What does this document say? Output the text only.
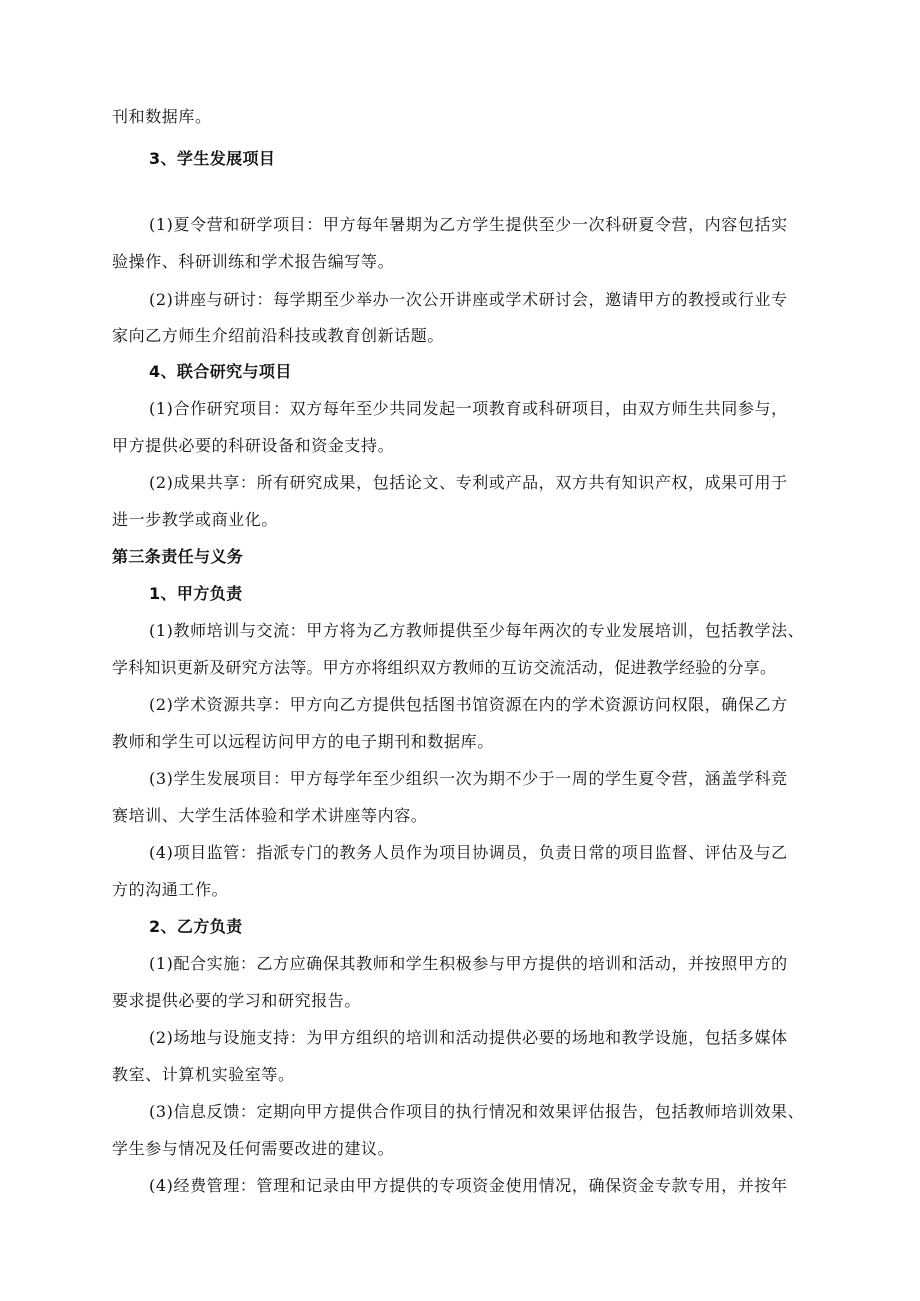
刊和数据库。
3、学生发展项目
(1)夏令营和研学项目：甲方每年暑期为乙方学生提供至少一次科研夏令营，内容包括实
验操作、科研训练和学术报告编写等。
(2)讲座与研讨：每学期至少举办一次公开讲座或学术研讨会，邀请甲方的教授或行业专
家向乙方师生介绍前沿科技或教育创新话题。
4、联合研究与项目
(1)合作研究项目：双方每年至少共同发起一项教育或科研项目，由双方师生共同参与，
甲方提供必要的科研设备和资金支持。
(2)成果共享：所有研究成果，包括论文、专利或产品，双方共有知识产权，成果可用于
进一步教学或商业化。
第三条责任与义务
1、甲方负责
(1)教师培训与交流：甲方将为乙方教师提供至少每年两次的专业发展培训，包括教学法、
学科知识更新及研究方法等。甲方亦将组织双方教师的互访交流活动，促进教学经验的分享。
(2)学术资源共享：甲方向乙方提供包括图书馆资源在内的学术资源访问权限，确保乙方
教师和学生可以远程访问甲方的电子期刊和数据库。
(3)学生发展项目：甲方每学年至少组织一次为期不少于一周的学生夏令营，涵盖学科竞
赛培训、大学生活体验和学术讲座等内容。
(4)项目监管：指派专门的教务人员作为项目协调员，负责日常的项目监督、评估及与乙
方的沟通工作。
2、乙方负责
(1)配合实施：乙方应确保其教师和学生积极参与甲方提供的培训和活动，并按照甲方的
要求提供必要的学习和研究报告。
(2)场地与设施支持：为甲方组织的培训和活动提供必要的场地和教学设施，包括多媒体
教室、计算机实验室等。
(3)信息反馈：定期向甲方提供合作项目的执行情况和效果评估报告，包括教师培训效果、
学生参与情况及任何需要改进的建议。
(4)经费管理：管理和记录由甲方提供的专项资金使用情况，确保资金专款专用，并按年
